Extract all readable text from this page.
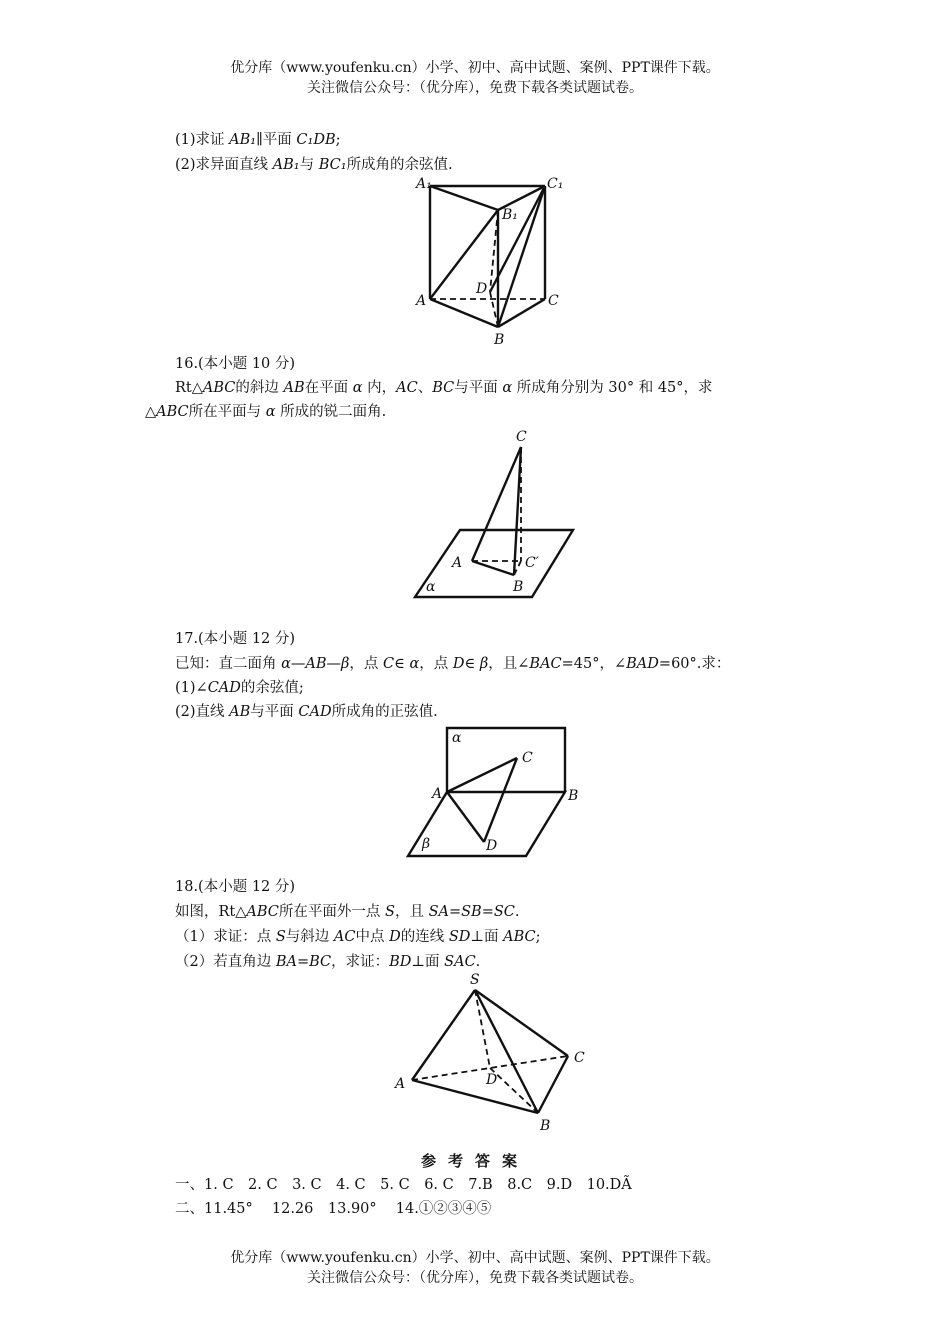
优分库（www.youfenku.cn）小学、初中、高中试题、案例、PPT课件下载。
关注微信公众号：（优分库），免费下载各类试题试卷。
(1)求证 AB₁∥平面 C₁DB;
(2)求异面直线 AB₁与 BC₁所成角的余弦值.
A₁	C₁
B₁
D
A	C
B
16.(本小题 10 分)
Rt△ABC的斜边 AB在平面 α 内，AC、BC与平面 α 所成角分别为 30° 和 45°，求
△ABC所在平面与 α 所成的锐二面角.
C
A	C′
B
α
17.(本小题 12 分)
已知：直二面角 α—AB—β，点 C∈ α，点 D∈ β，且∠BAC=45°，∠BAD=60°.求：
(1)∠CAD的余弦值;
(2)直线 AB与平面 CAD所成角的正弦值.
α
C
A	B
β	D
18.(本小题 12 分)
如图，Rt△ABC所在平面外一点 S，且 SA=SB=SC.
（1）求证：点 S与斜边 AC中点 D的连线 SD⊥面 ABC;
（2）若直角边 BA=BC，求证：BD⊥面 SAC.
S
C
D
A
B
参考答案
一、1. C　2. C　3. C　4. C　5. C　6. C　7.B　8.C　9.D　10.DÃ
二、11.45°　 12.26　13.90°　 14.①②③④⑤
优分库（www.youfenku.cn）小学、初中、高中试题、案例、PPT课件下载。
关注微信公众号：（优分库），免费下载各类试题试卷。
